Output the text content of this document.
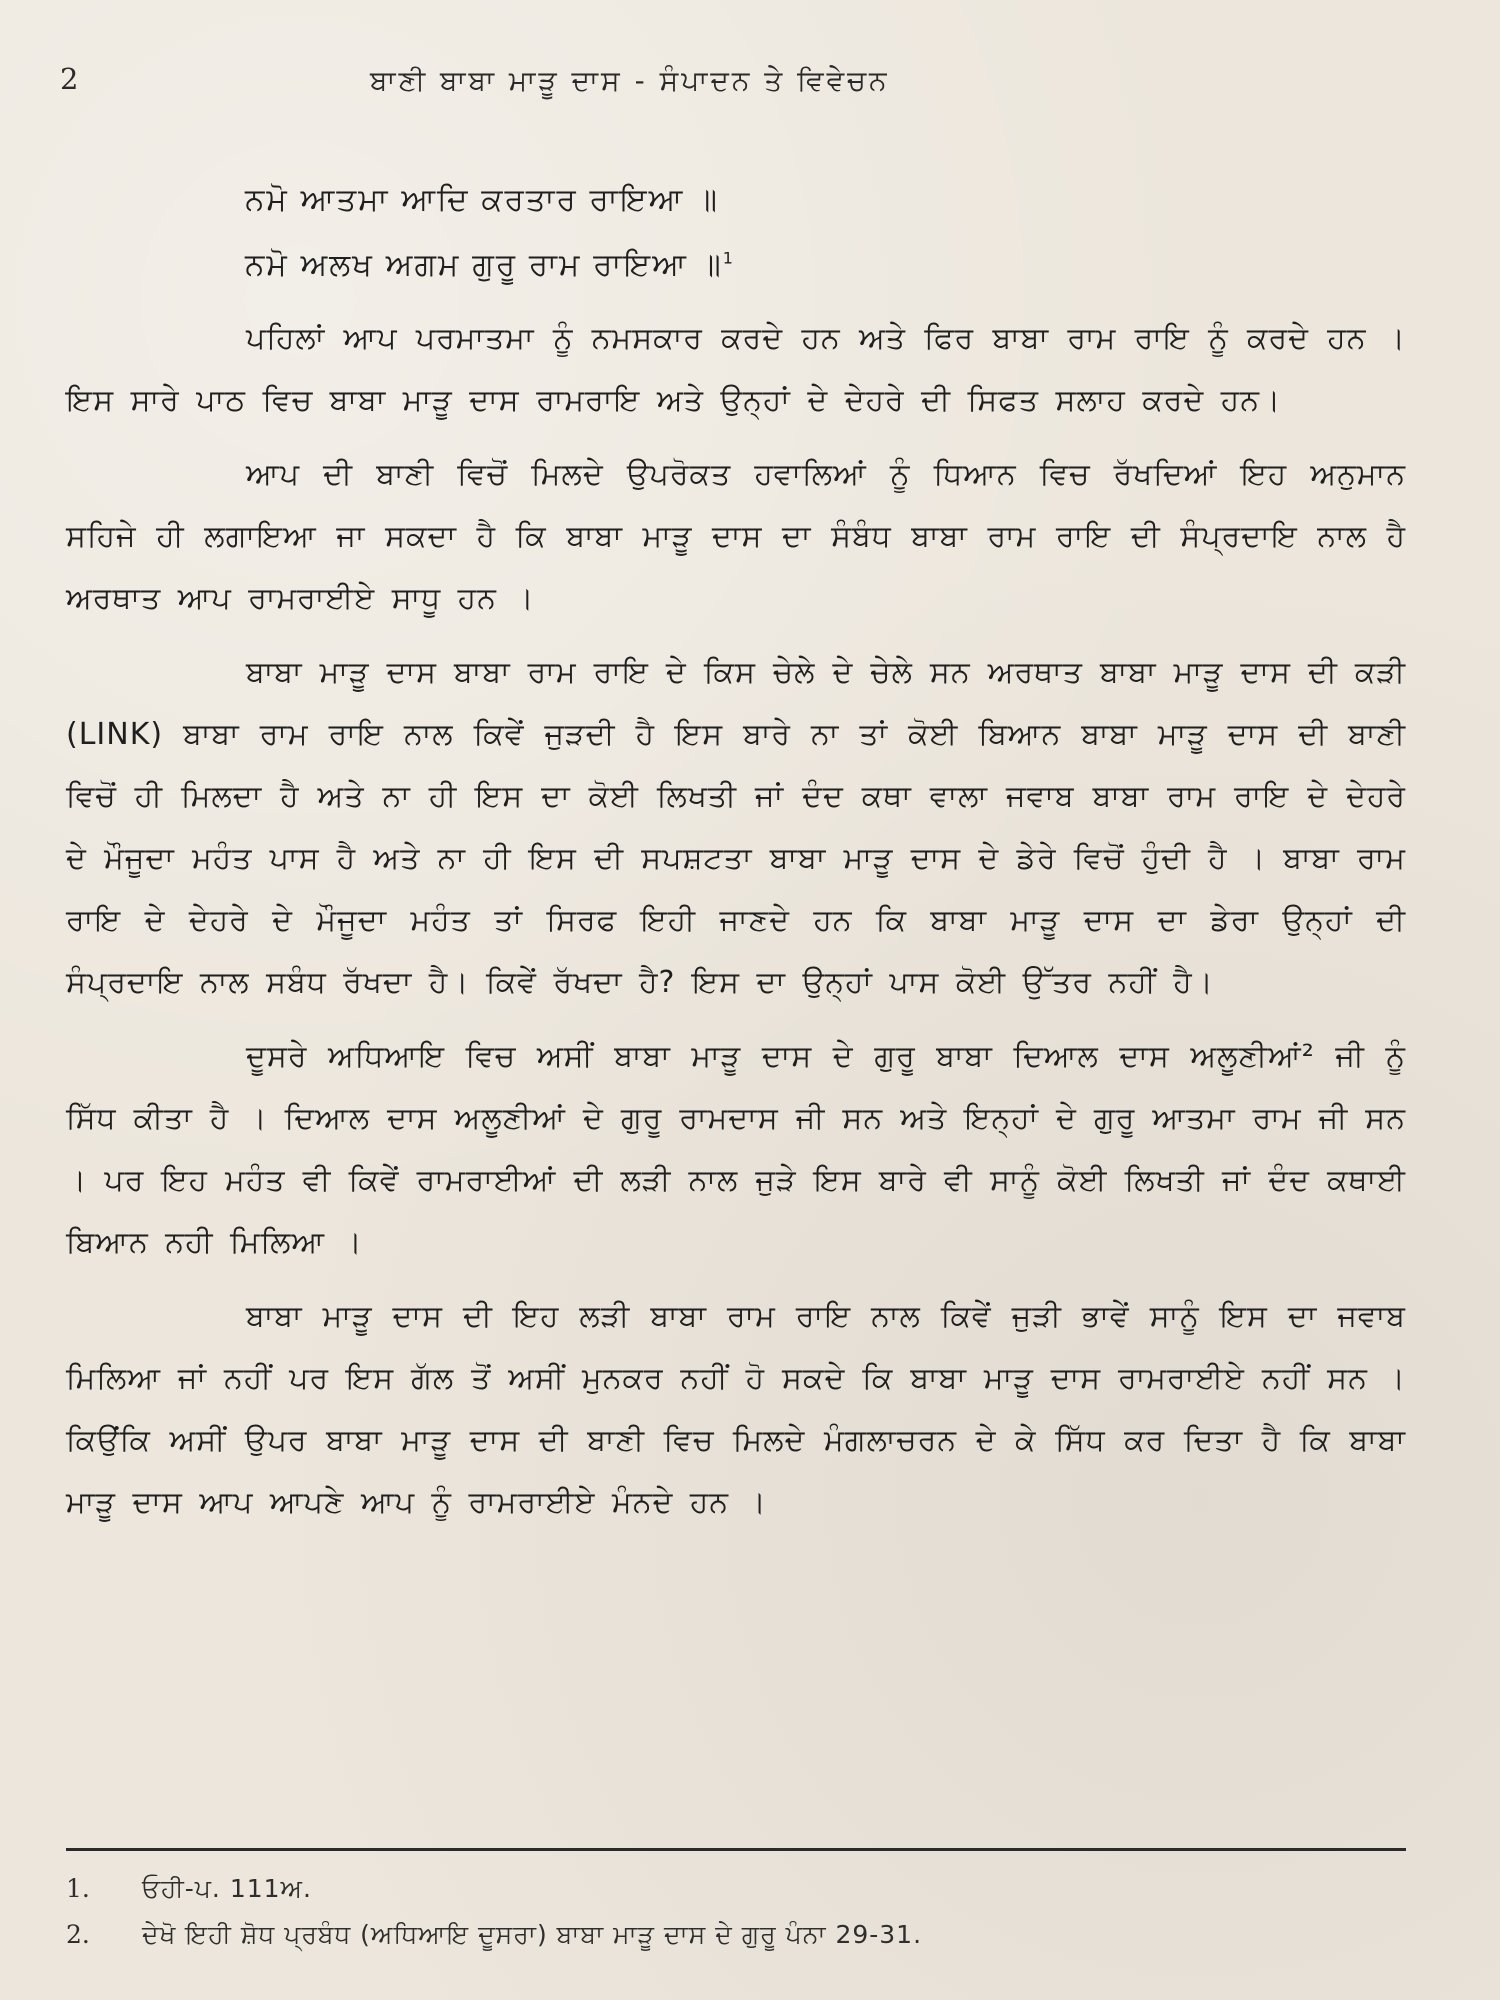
2	ਬਾਣੀ ਬਾਬਾ ਮਾੜੂ ਦਾਸ - ਸੰਪਾਦਨ ਤੇ ਵਿਵੇਚਨ
ਨਮੋ ਆਤਮਾ ਆਦਿ ਕਰਤਾਰ ਰਾਇਆ ॥
ਨਮੋ ਅਲਖ ਅਗਮ ਗੁਰੂ ਰਾਮ ਰਾਇਆ ॥$^1$

ਪਹਿਲਾਂ ਆਪ ਪਰਮਾਤਮਾ ਨੂੰ ਨਮਸਕਾਰ ਕਰਦੇ ਹਨ ਅਤੇ ਫਿਰ ਬਾਬਾ ਰਾਮ ਰਾਇ ਨੂੰ ਕਰਦੇ ਹਨ । ਇਸ ਸਾਰੇ ਪਾਠ ਵਿਚ ਬਾਬਾ ਮਾੜੂ ਦਾਸ ਰਾਮਰਾਇ ਅਤੇ ਉਨ੍ਹਾਂ ਦੇ ਦੇਹਰੇ ਦੀ ਸਿਫਤ ਸਲਾਹ ਕਰਦੇ ਹਨ।

ਆਪ ਦੀ ਬਾਣੀ ਵਿਚੋਂ ਮਿਲਦੇ ਉਪਰੋਕਤ ਹਵਾਲਿਆਂ ਨੂੰ ਧਿਆਨ ਵਿਚ ਰੱਖਦਿਆਂ ਇਹ ਅਨੁਮਾਨ ਸਹਿਜੇ ਹੀ ਲਗਾਇਆ ਜਾ ਸਕਦਾ ਹੈ ਕਿ ਬਾਬਾ ਮਾੜੂ ਦਾਸ ਦਾ ਸੰਬੰਧ ਬਾਬਾ ਰਾਮ ਰਾਇ ਦੀ ਸੰਪ੍ਰਦਾਇ ਨਾਲ ਹੈ ਅਰਥਾਤ ਆਪ ਰਾਮਰਾਈਏ ਸਾਧੂ ਹਨ ।

ਬਾਬਾ ਮਾੜੂ ਦਾਸ ਬਾਬਾ ਰਾਮ ਰਾਇ ਦੇ ਕਿਸ ਚੇਲੇ ਦੇ ਚੇਲੇ ਸਨ ਅਰਥਾਤ ਬਾਬਾ ਮਾੜੂ ਦਾਸ ਦੀ ਕੜੀ (LINK) ਬਾਬਾ ਰਾਮ ਰਾਇ ਨਾਲ ਕਿਵੇਂ ਜੁੜਦੀ ਹੈ ਇਸ ਬਾਰੇ ਨਾ ਤਾਂ ਕੋਈ ਬਿਆਨ ਬਾਬਾ ਮਾੜੂ ਦਾਸ ਦੀ ਬਾਣੀ ਵਿਚੋਂ ਹੀ ਮਿਲਦਾ ਹੈ ਅਤੇ ਨਾ ਹੀ ਇਸ ਦਾ ਕੋਈ ਲਿਖਤੀ ਜਾਂ ਦੰਦ ਕਥਾ ਵਾਲਾ ਜਵਾਬ ਬਾਬਾ ਰਾਮ ਰਾਇ ਦੇ ਦੇਹਰੇ ਦੇ ਮੌਜੂਦਾ ਮਹੰਤ ਪਾਸ ਹੈ ਅਤੇ ਨਾ ਹੀ ਇਸ ਦੀ ਸਪਸ਼ਟਤਾ ਬਾਬਾ ਮਾੜੂ ਦਾਸ ਦੇ ਡੇਰੇ ਵਿਚੋਂ ਹੁੰਦੀ ਹੈ । ਬਾਬਾ ਰਾਮ ਰਾਇ ਦੇ ਦੇਹਰੇ ਦੇ ਮੌਜੂਦਾ ਮਹੰਤ ਤਾਂ ਸਿਰਫ ਇਹੀ ਜਾਣਦੇ ਹਨ ਕਿ ਬਾਬਾ ਮਾੜੂ ਦਾਸ ਦਾ ਡੇਰਾ ਉਨ੍ਹਾਂ ਦੀ ਸੰਪ੍ਰਦਾਇ ਨਾਲ ਸਬੰਧ ਰੱਖਦਾ ਹੈ। ਕਿਵੇਂ ਰੱਖਦਾ ਹੈ? ਇਸ ਦਾ ਉਨ੍ਹਾਂ ਪਾਸ ਕੋਈ ਉੱਤਰ ਨਹੀਂ ਹੈ।

ਦੂਸਰੇ ਅਧਿਆਇ ਵਿਚ ਅਸੀਂ ਬਾਬਾ ਮਾੜੂ ਦਾਸ ਦੇ ਗੁਰੂ ਬਾਬਾ ਦਿਆਲ ਦਾਸ ਅਲੂਣੀਆਂ² ਜੀ ਨੂੰ ਸਿੱਧ ਕੀਤਾ ਹੈ । ਦਿਆਲ ਦਾਸ ਅਲੂਣੀਆਂ ਦੇ ਗੁਰੂ ਰਾਮਦਾਸ ਜੀ ਸਨ ਅਤੇ ਇਨ੍ਹਾਂ ਦੇ ਗੁਰੂ ਆਤਮਾ ਰਾਮ ਜੀ ਸਨ । ਪਰ ਇਹ ਮਹੰਤ ਵੀ ਕਿਵੇਂ ਰਾਮਰਾਈਆਂ ਦੀ ਲੜੀ ਨਾਲ ਜੁੜੇ ਇਸ ਬਾਰੇ ਵੀ ਸਾਨੂੰ ਕੋਈ ਲਿਖਤੀ ਜਾਂ ਦੰਦ ਕਥਾਈ ਬਿਆਨ ਨਹੀ ਮਿਲਿਆ ।

ਬਾਬਾ ਮਾੜੂ ਦਾਸ ਦੀ ਇਹ ਲੜੀ ਬਾਬਾ ਰਾਮ ਰਾਇ ਨਾਲ ਕਿਵੇਂ ਜੁੜੀ ਭਾਵੇਂ ਸਾਨੂੰ ਇਸ ਦਾ ਜਵਾਬ ਮਿਲਿਆ ਜਾਂ ਨਹੀਂ ਪਰ ਇਸ ਗੱਲ ਤੋਂ ਅਸੀਂ ਮੁਨਕਰ ਨਹੀਂ ਹੋ ਸਕਦੇ ਕਿ ਬਾਬਾ ਮਾੜੂ ਦਾਸ ਰਾਮਰਾਈਏ ਨਹੀਂ ਸਨ । ਕਿਉਂਕਿ ਅਸੀਂ ਉਪਰ ਬਾਬਾ ਮਾੜੂ ਦਾਸ ਦੀ ਬਾਣੀ ਵਿਚ ਮਿਲਦੇ ਮੰਗਲਾਚਰਨ ਦੇ ਕੇ ਸਿੱਧ ਕਰ ਦਿਤਾ ਹੈ ਕਿ ਬਾਬਾ ਮਾੜੂ ਦਾਸ ਆਪ ਆਪਣੇ ਆਪ ਨੂੰ ਰਾਮਰਾਈਏ ਮੰਨਦੇ ਹਨ ।

1.	ਓਹੀ-ਪ. 111ਅ.
2.	ਦੇਖੋ ਇਹੀ ਸ਼ੋਧ ਪ੍ਰਬੰਧ (ਅਧਿਆਇ ਦੂਸਰਾ) ਬਾਬਾ ਮਾੜੂ ਦਾਸ ਦੇ ਗੁਰੂ ਪੰਨਾ 29-31.
